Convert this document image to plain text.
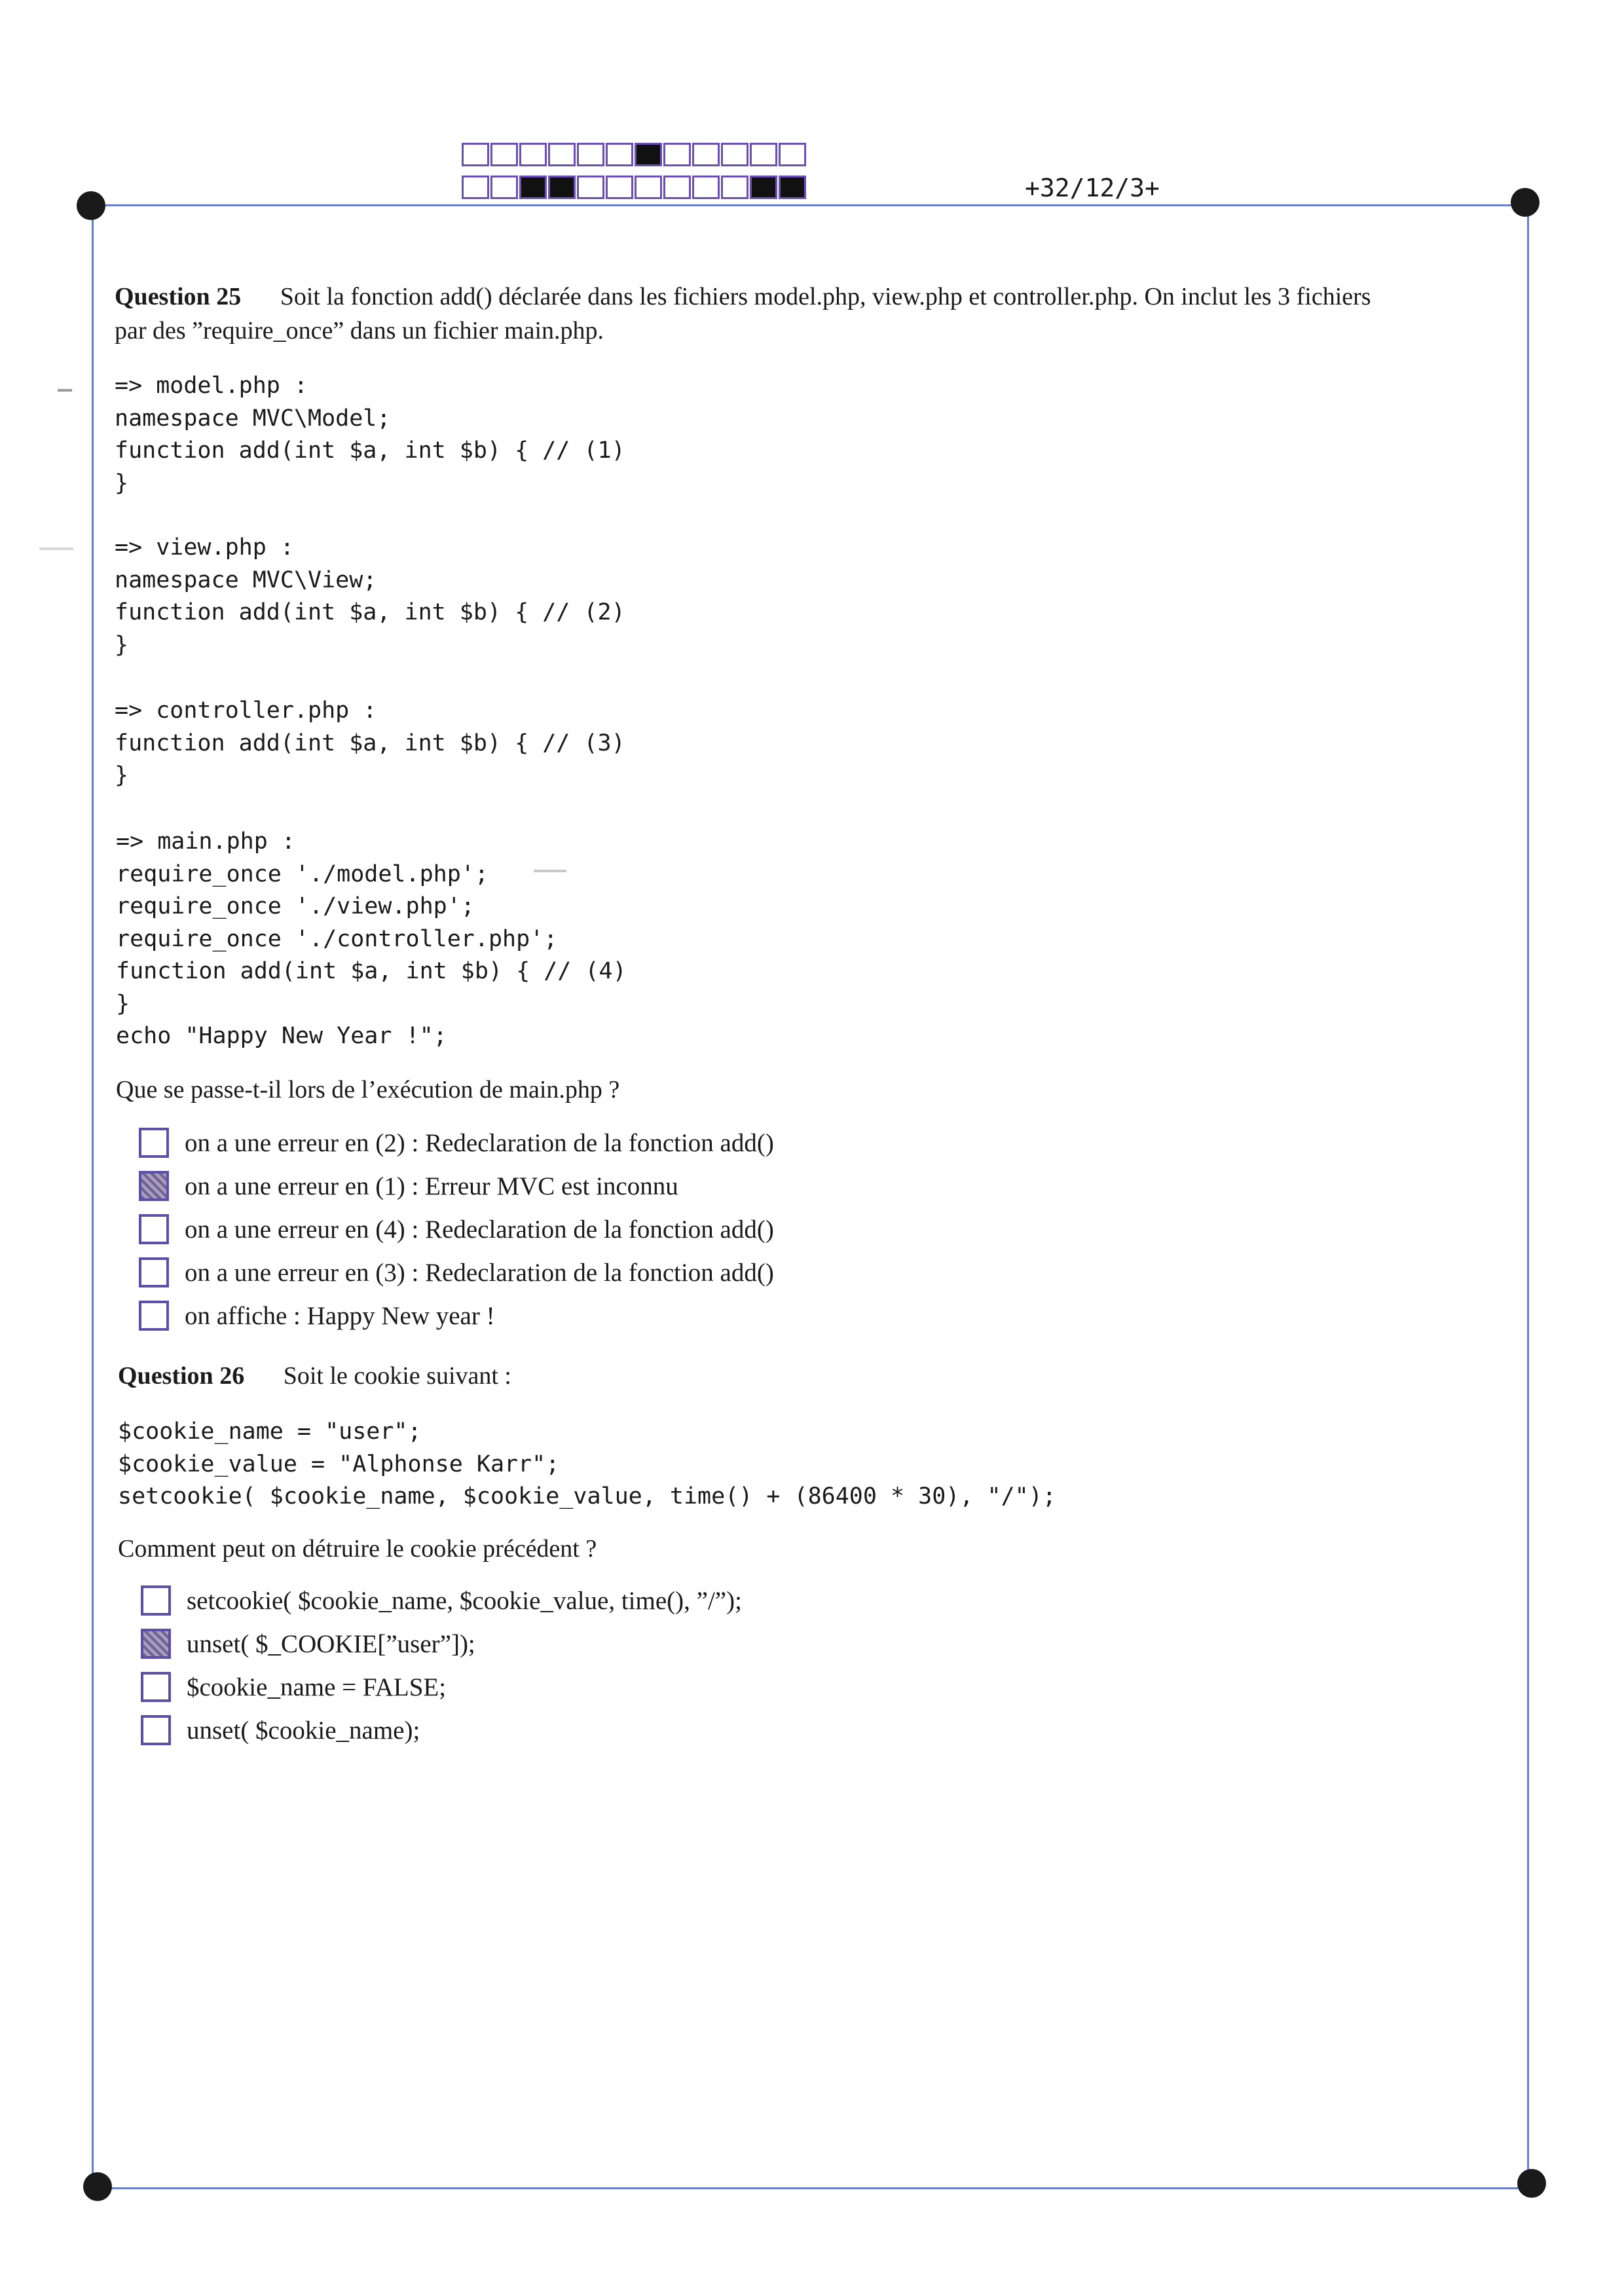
+32/12/3+
Question 25 Soit la fonction add() déclarée dans les fichiers model.php, view.php et controller.php. On inclut les 3 fichiers
par des ”require_once” dans un fichier main.php.
=> model.php :
namespace MVC\Model;
function add(int $a, int $b) { // (1)
}
=> view.php :
namespace MVC\View;
function add(int $a, int $b) { // (2)
}
=> controller.php :
function add(int $a, int $b) { // (3)
}
=> main.php :
require_once './model.php';
require_once './view.php';
require_once './controller.php';
function add(int $a, int $b) { // (4)
}
echo "Happy New Year !";
Que se passe-t-il lors de l’exécution de main.php ?
on a une erreur en (2) : Redeclaration de la fonction add()
on a une erreur en (1) : Erreur MVC est inconnu
on a une erreur en (4) : Redeclaration de la fonction add()
on a une erreur en (3) : Redeclaration de la fonction add()
on affiche : Happy New year !
Question 26 Soit le cookie suivant :
$cookie_name = "user";
$cookie_value = "Alphonse Karr";
setcookie( $cookie_name, $cookie_value, time() + (86400 * 30), "/");
Comment peut on détruire le cookie précédent ?
setcookie( $cookie_name, $cookie_value, time(), ”/”);
unset( $_COOKIE[”user”]);
$cookie_name = FALSE;
unset( $cookie_name);
